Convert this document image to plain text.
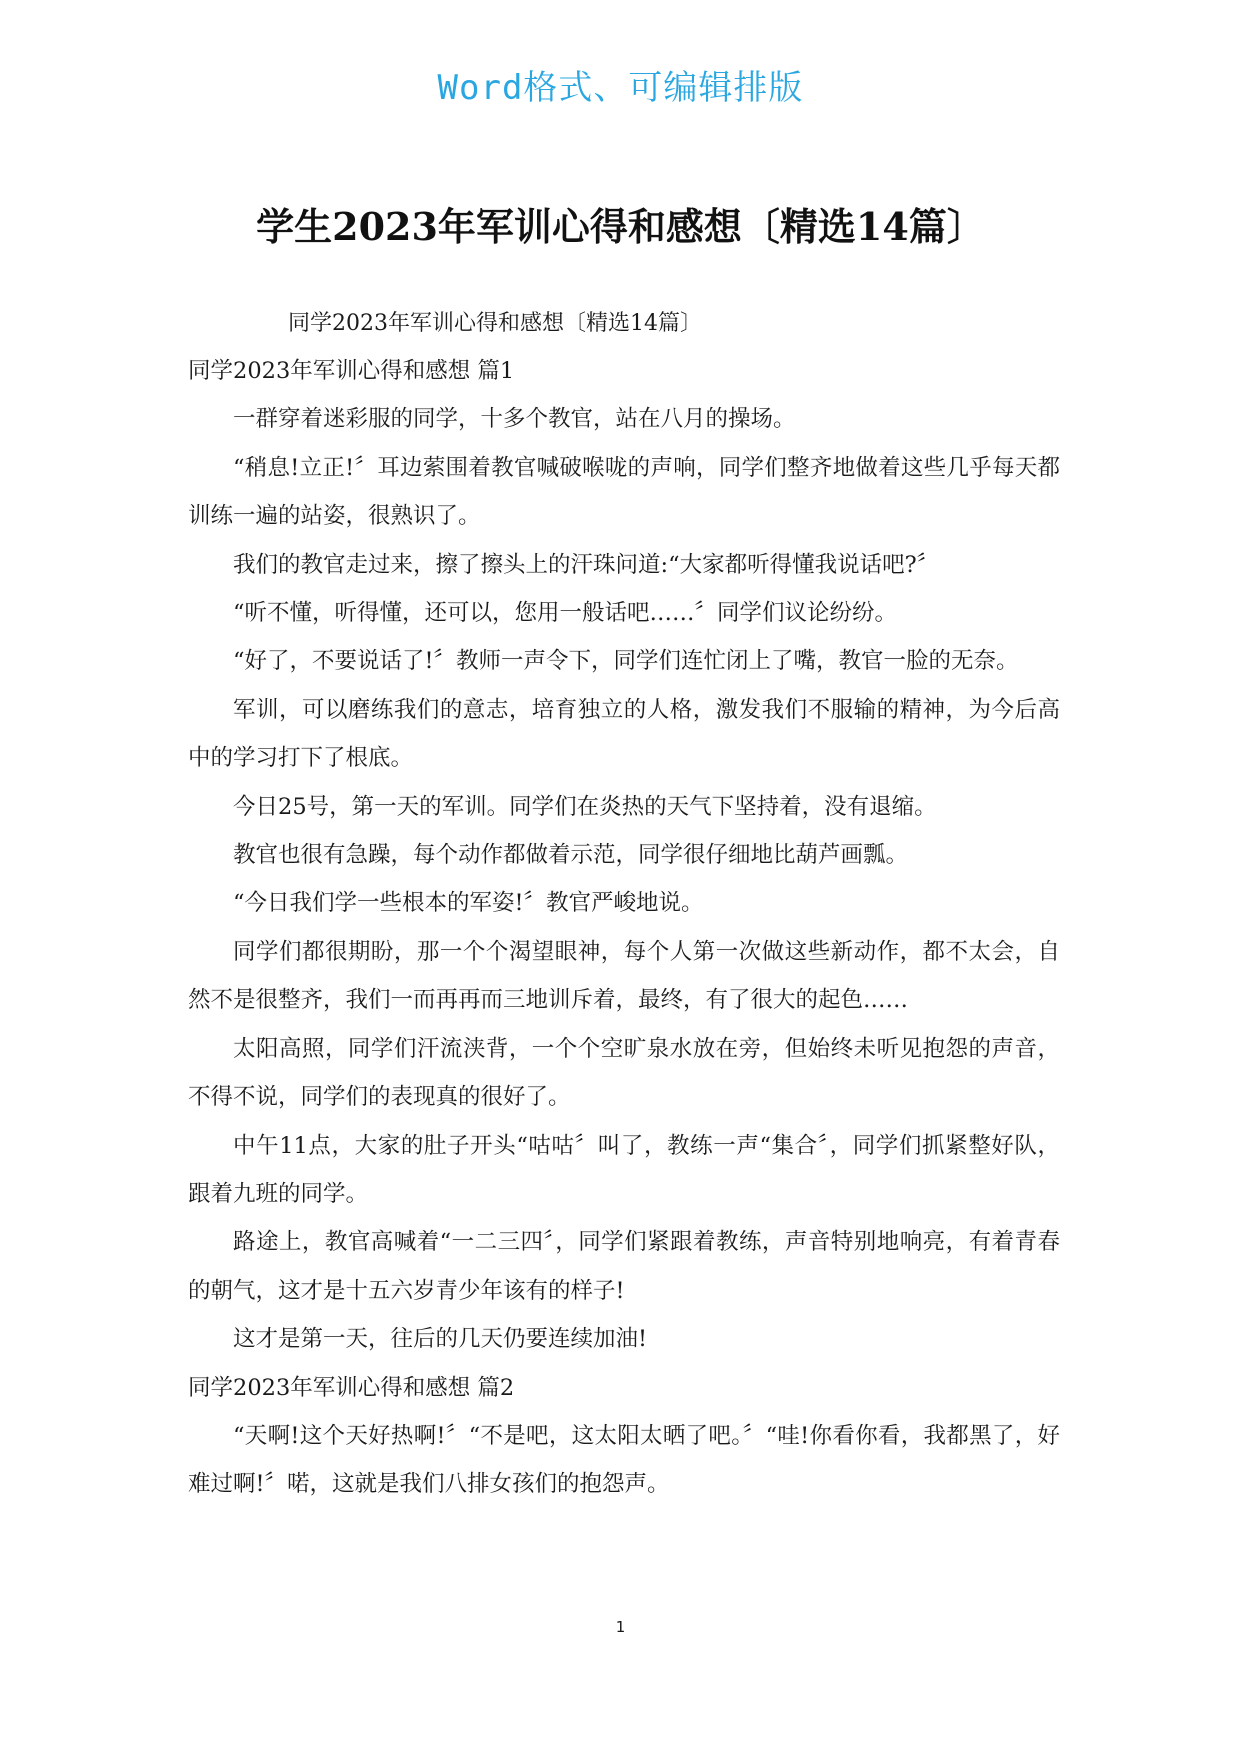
Word格式、可编辑排版
学生2023年军训心得和感想〔精选14篇〕
同学2023年军训心得和感想〔精选14篇〕

同学2023年军训心得和感想 篇1

一群穿着迷彩服的同学，十多个教官，站在八月的操场。

“稍息!立正!〞耳边萦围着教官喊破喉咙的声响，同学们整齐地做着这些几乎每天都训练一遍的站姿，很熟识了。

我们的教官走过来，擦了擦头上的汗珠问道:“大家都听得懂我说话吧?〞

“听不懂，听得懂，还可以，您用一般话吧……〞同学们议论纷纷。

“好了，不要说话了!〞教师一声令下，同学们连忙闭上了嘴，教官一脸的无奈。

军训，可以磨练我们的意志，培育独立的人格，激发我们不服输的精神，为今后高中的学习打下了根底。

今日25号，第一天的军训。同学们在炎热的天气下坚持着，没有退缩。

教官也很有急躁，每个动作都做着示范，同学很仔细地比葫芦画瓢。

“今日我们学一些根本的军姿!〞教官严峻地说。

同学们都很期盼，那一个个渴望眼神，每个人第一次做这些新动作，都不太会，自然不是很整齐，我们一而再再而三地训斥着，最终，有了很大的起色……

太阳高照，同学们汗流浃背，一个个空旷泉水放在旁，但始终未听见抱怨的声音，不得不说，同学们的表现真的很好了。

中午11点，大家的肚子开头“咕咕〞叫了，教练一声“集合〞，同学们抓紧整好队，跟着九班的同学。

路途上，教官高喊着“一二三四〞，同学们紧跟着教练，声音特别地响亮，有着青春的朝气，这才是十五六岁青少年该有的样子!

这才是第一天，往后的几天仍要连续加油!

同学2023年军训心得和感想 篇2

“天啊!这个天好热啊!〞“不是吧，这太阳太晒了吧。〞“哇!你看你看，我都黑了，好难过啊!〞喏，这就是我们八排女孩们的抱怨声。

1
